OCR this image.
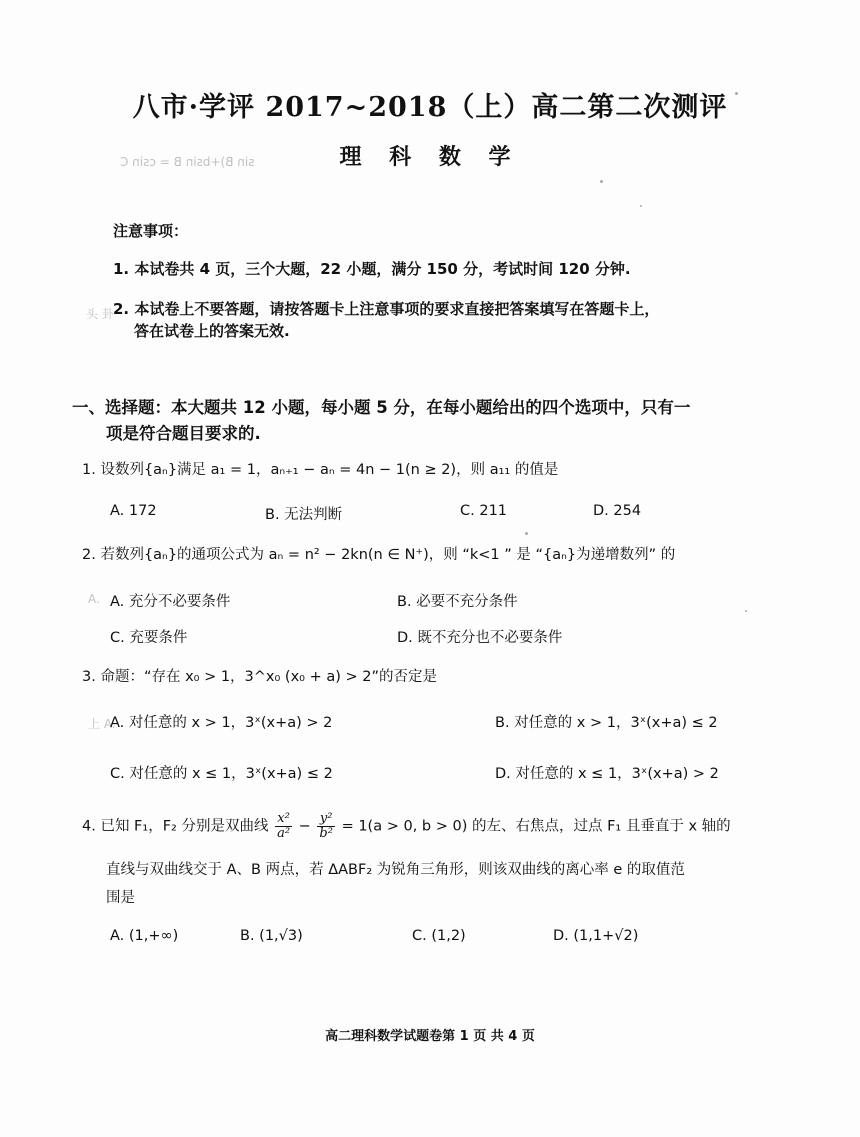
sin B)+bsin B = csin C
头 卦
A.
上 A.
八市·学评 2017~2018（上）高二第二次测评
理 科 数 学
注意事项：
1. 本试卷共 4 页，三个大题，22 小题，满分 150 分，考试时间 120 分钟.
2. 本试卷上不要答题，请按答题卡上注意事项的要求直接把答案填写在答题卡上，
答在试卷上的答案无效.
一、选择题：本大题共 12 小题，每小题 5 分，在每小题给出的四个选项中，只有一
项是符合题目要求的.
1. 设数列{aₙ}满足 a₁ = 1，aₙ₊₁ − aₙ = 4n − 1(n ≥ 2)，则 a₁₁ 的值是
A. 172	B. 无法判断	C. 211	D. 254
2. 若数列{aₙ}的通项公式为 aₙ = n² − 2kn(n ∈ N⁺)，则 “k<1 ” 是 “{aₙ}为递增数列” 的
A. 充分不必要条件	B. 必要不充分条件
C. 充要条件	D. 既不充分也不必要条件
3. 命题：“存在 x₀ > 1，3^x₀ (x₀ + a) > 2”的否定是
A. 对任意的 x > 1，3ˣ(x+a) > 2	B. 对任意的 x > 1，3ˣ(x+a) ≤ 2
C. 对任意的 x ≤ 1，3ˣ(x+a) ≤ 2	D. 对任意的 x ≤ 1，3ˣ(x+a) > 2
4. 已知 F₁，F₂ 分别是双曲线 $\frac{\text{x²}}{\text{a²}} - \frac{\text{y²}}{\text{b²}} = 1(a > 0$, b > 0) 的左、右焦点，过点 F₁ 且垂直于 x 轴的
直线与双曲线交于 A、B 两点，若 ΔABF₂ 为锐角三角形，则该双曲线的离心率 e 的取值范
围是
A. (1,+∞)	B. (1,√3)	C. (1,2)	D. (1,1+√2)
高二理科数学试题卷第 1 页 共 4 页
